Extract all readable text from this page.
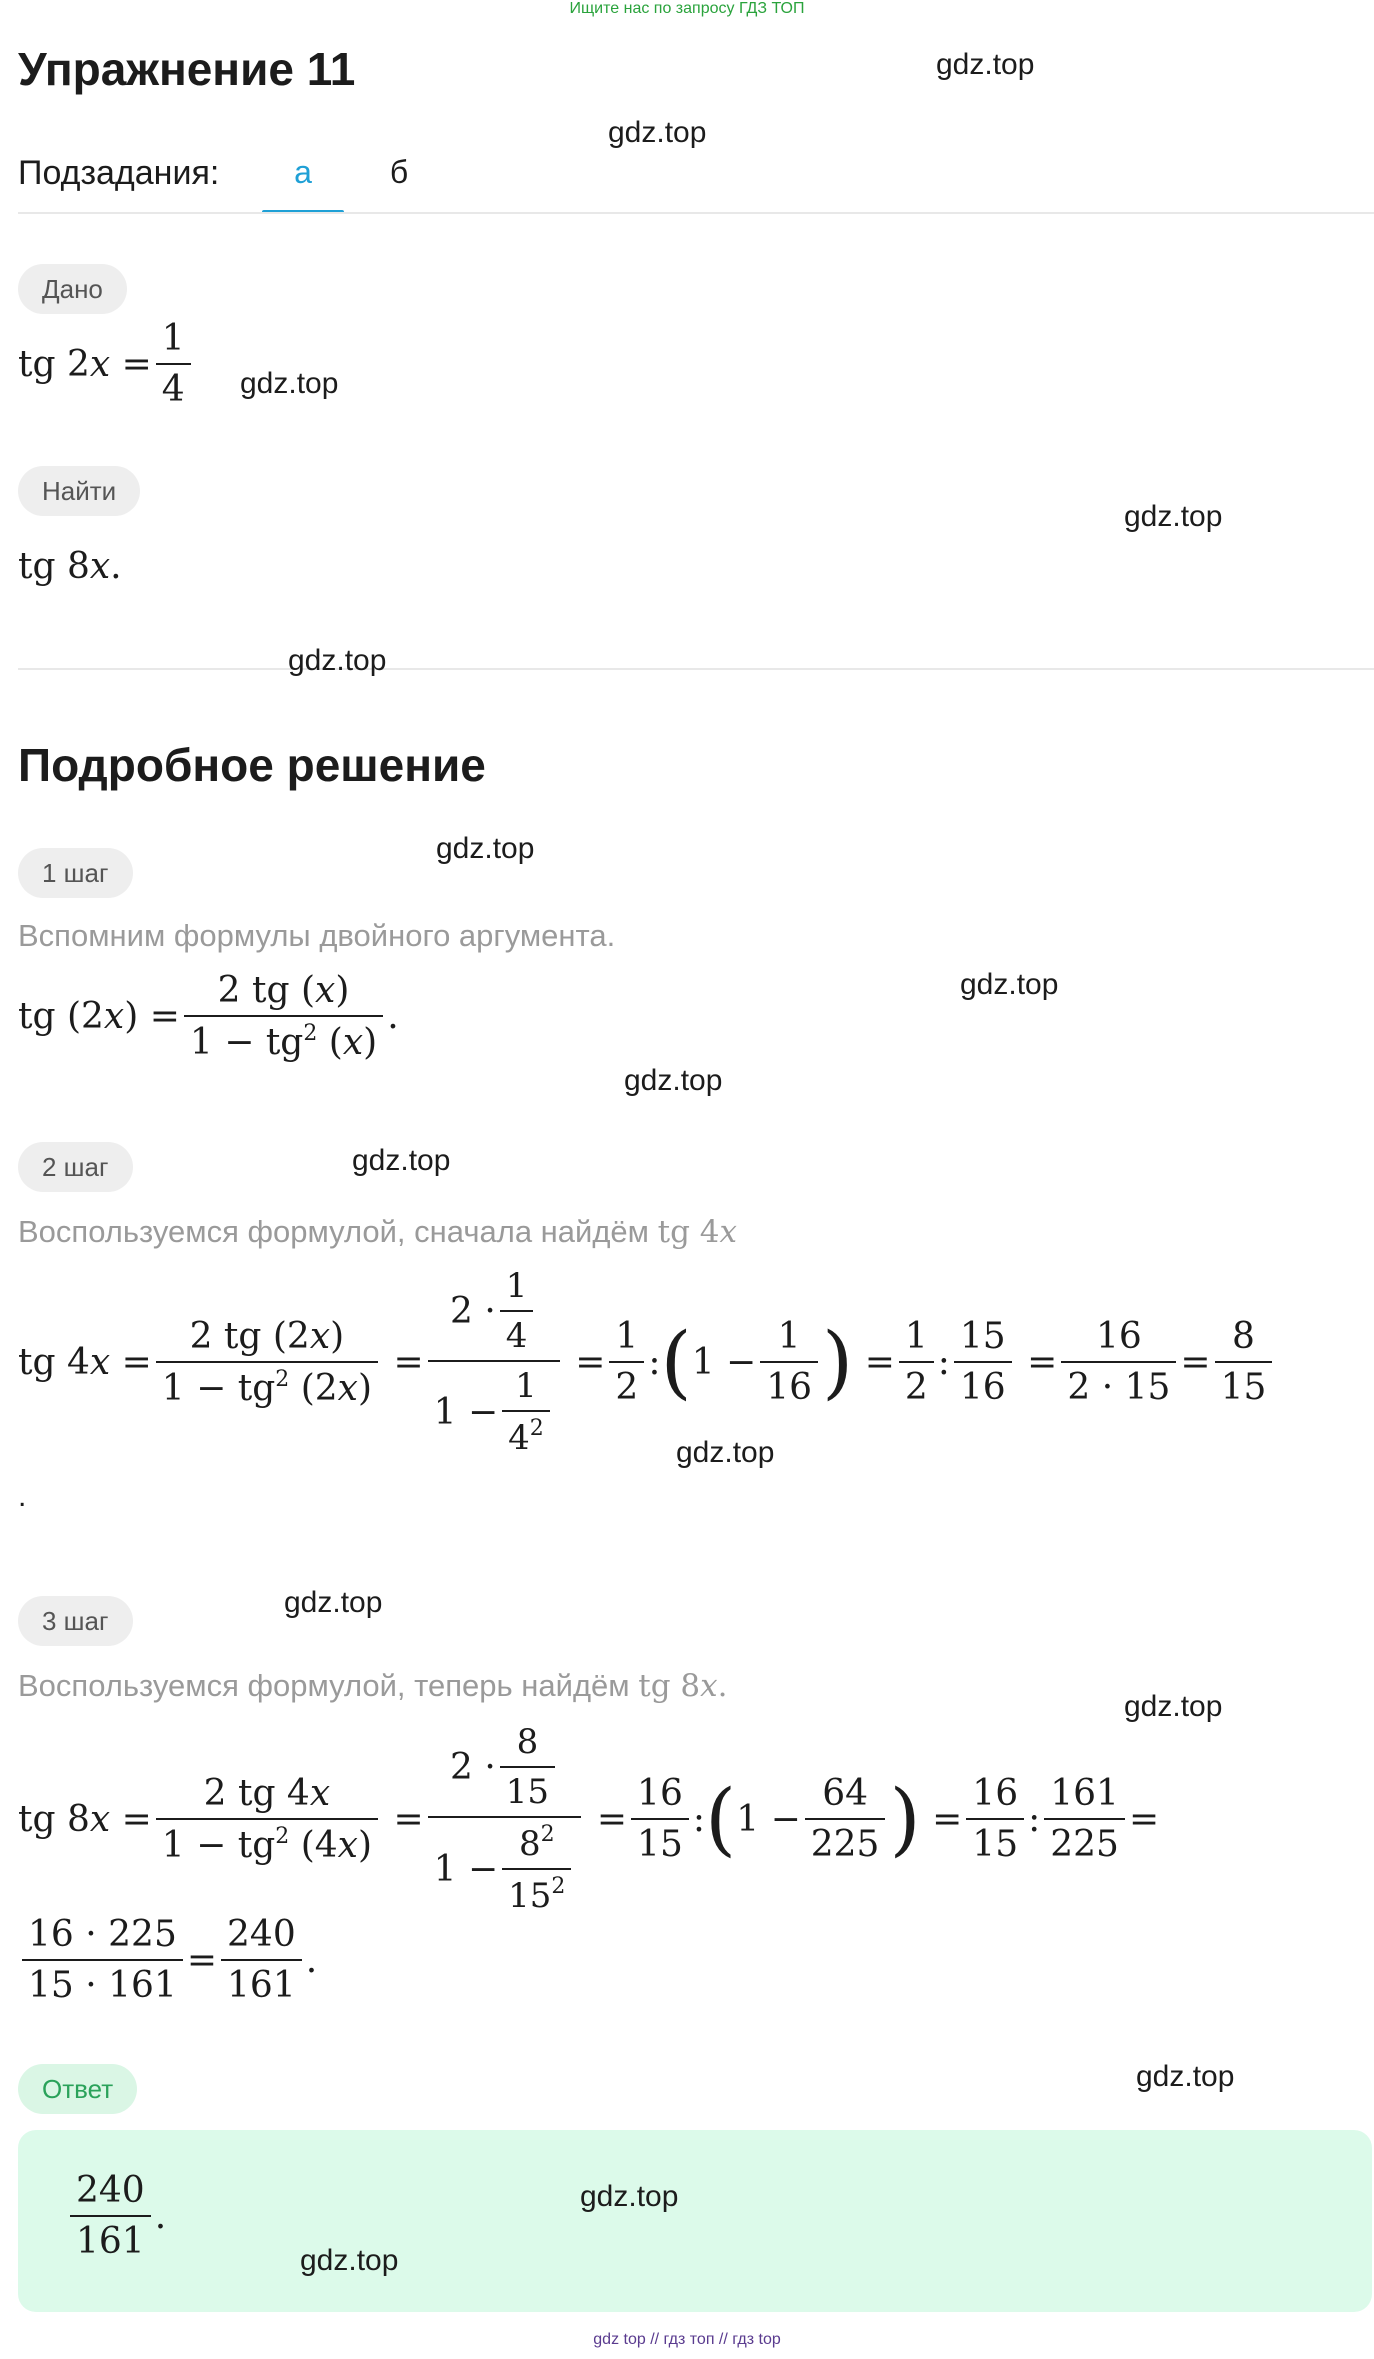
Ищите нас по запросу ГДЗ ТОП
Упражнение 11
Подзадания:	а	б
Дано
tg $2x = \frac{1}{4}$
Найти
tg 8x.
Подробное решение
1 шаг
Вспомним формулы двойного аргумента.
tg $(2x) = \frac{2 tg (x)}{1 - tg^2 (x)}$ .
2 шаг
Воспользуемся формулой, сначала найдём tg 4x
tg $4x = \frac{2 tg (2x)}{1 - tg^2 (2x)} = \frac{2 \cdot \frac{1}{4}}{1 - \frac{1}{4^2}} = \frac{1}{2}$ :(1 − $\frac{1}{16}$ ) = $\frac{1}{2}$ : $\frac{15}{16} = \frac{16}{2 \cdot 15} = \frac{8}{15}$
.
3 шаг
Воспользуемся формулой, теперь найдём tg 8x.
tg $8x = \frac{2 tg 4x}{1 - tg^2 (4x)} = \frac{2 \cdot \frac{8}{15}}{1 - \frac{8^2}{15^2}} = \frac{16}{15}$ :(1 − $\frac{64}{225}$ ) = $\frac{16}{15}$ : $\frac{161}{225}$ =
$\frac{16 \cdot 225}{15 \cdot 161} = \frac{240}{161}$ .
Ответ
$\frac{240}{161}$ .
gdz.top
gdz.top
gdz.top
gdz.top
gdz.top
gdz.top
gdz.top
gdz.top
gdz.top
gdz.top
gdz.top
gdz.top
gdz.top
gdz.top
gdz.top
gdz top // гдз топ // гдз top
